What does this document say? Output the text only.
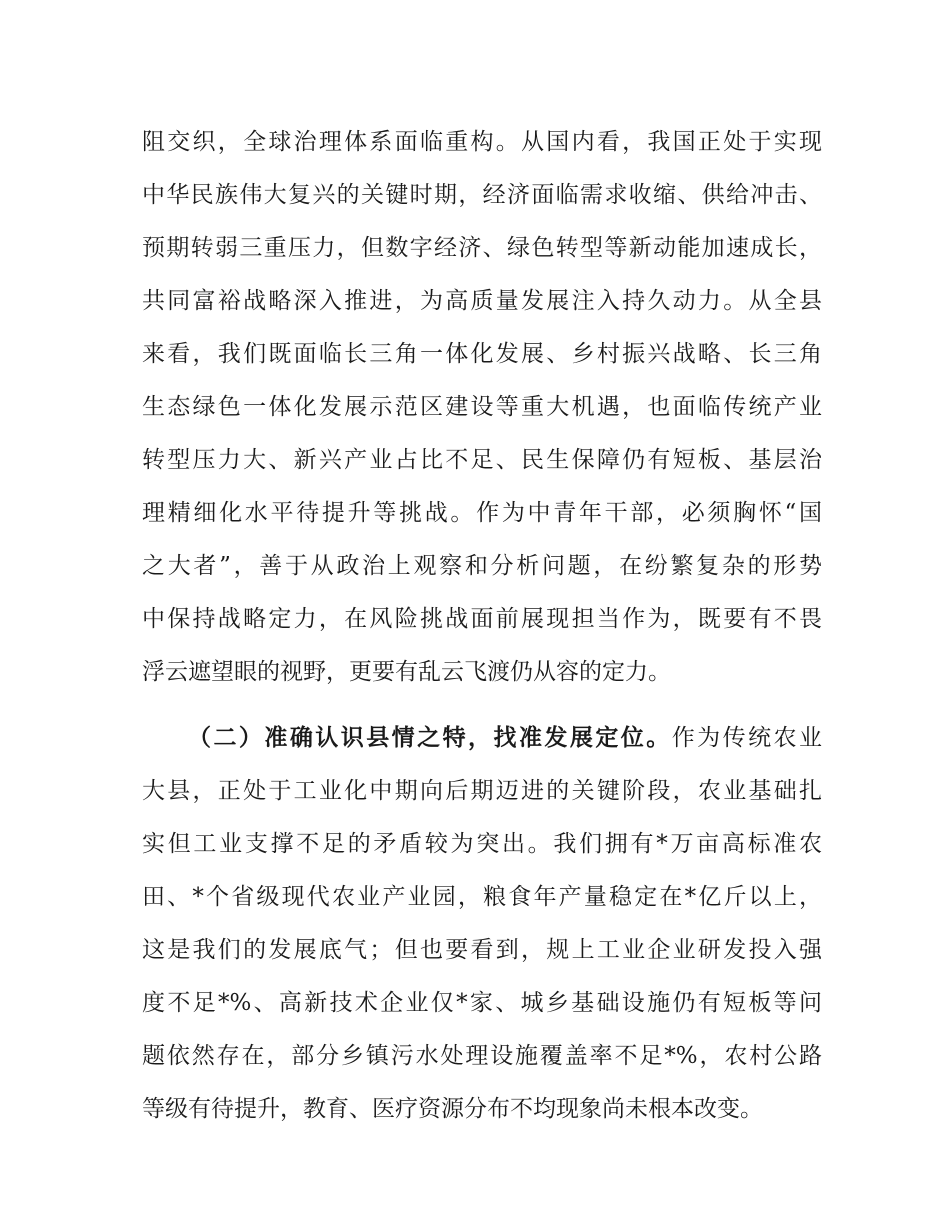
阻交织，全球治理体系面临重构。从国内看，我国正处于实现
中华民族伟大复兴的关键时期，经济面临需求收缩、供给冲击、
预期转弱三重压力，但数字经济、绿色转型等新动能加速成长，
共同富裕战略深入推进，为高质量发展注入持久动力。从全县
来看，我们既面临长三角一体化发展、乡村振兴战略、长三角
生态绿色一体化发展示范区建设等重大机遇，也面临传统产业
转型压力大、新兴产业占比不足、民生保障仍有短板、基层治
理精细化水平待提升等挑战。作为中青年干部，必须胸怀“国
之大者”，善于从政治上观察和分析问题，在纷繁复杂的形势
中保持战略定力，在风险挑战面前展现担当作为，既要有不畏
浮云遮望眼的视野，更要有乱云飞渡仍从容的定力。
（二）准确认识县情之特，找准发展定位。作为传统农业
大县，正处于工业化中期向后期迈进的关键阶段，农业基础扎
实但工业支撑不足的矛盾较为突出。我们拥有*万亩高标准农
田、*个省级现代农业产业园，粮食年产量稳定在*亿斤以上，
这是我们的发展底气；但也要看到，规上工业企业研发投入强
度不足*%、高新技术企业仅*家、城乡基础设施仍有短板等问
题依然存在，部分乡镇污水处理设施覆盖率不足*%，农村公路
等级有待提升，教育、医疗资源分布不均现象尚未根本改变。
